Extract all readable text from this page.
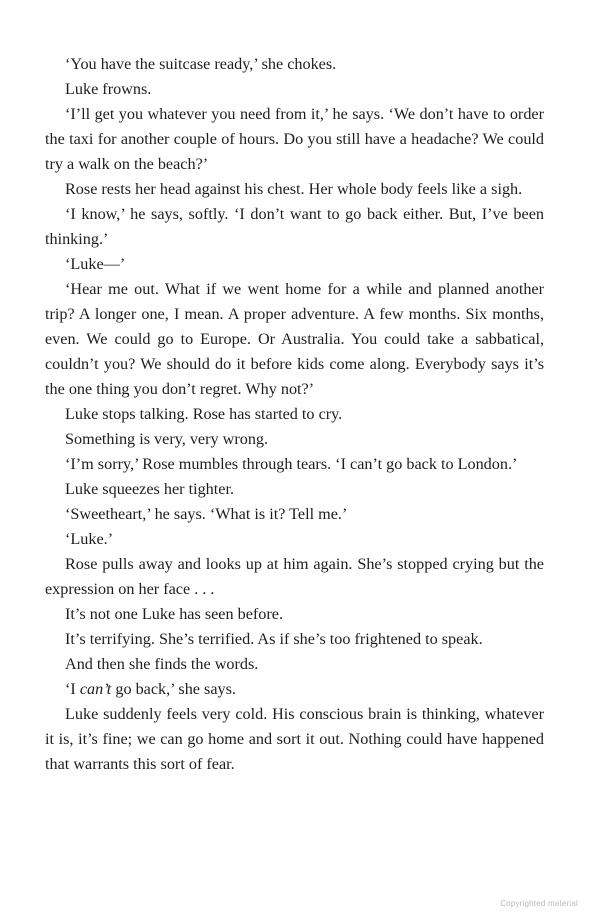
‘You have the suitcase ready,’ she chokes.

Luke frowns.

‘I’ll get you whatever you need from it,’ he says. ‘We don’t have to order the taxi for another couple of hours. Do you still have a headache? We could try a walk on the beach?’

Rose rests her head against his chest. Her whole body feels like a sigh.

‘I know,’ he says, softly. ‘I don’t want to go back either. But, I’ve been thinking.’

‘Luke—’

‘Hear me out. What if we went home for a while and planned another trip? A longer one, I mean. A proper adventure. A few months. Six months, even. We could go to Europe. Or Australia. You could take a sabbatical, couldn’t you? We should do it before kids come along. Everybody says it’s the one thing you don’t regret. Why not?’

Luke stops talking. Rose has started to cry.

Something is very, very wrong.

‘I’m sorry,’ Rose mumbles through tears. ‘I can’t go back to London.’

Luke squeezes her tighter.

‘Sweetheart,’ he says. ‘What is it? Tell me.’

‘Luke.’

Rose pulls away and looks up at him again. She’s stopped crying but the expression on her face . . .

It’s not one Luke has seen before.

It’s terrifying. She’s terrified. As if she’s too frightened to speak.

And then she finds the words.

‘I can’t go back,’ she says.

Luke suddenly feels very cold. His conscious brain is thinking, whatever it is, it’s fine; we can go home and sort it out. Nothing could have happened that warrants this sort of fear.

Copyrighted material
